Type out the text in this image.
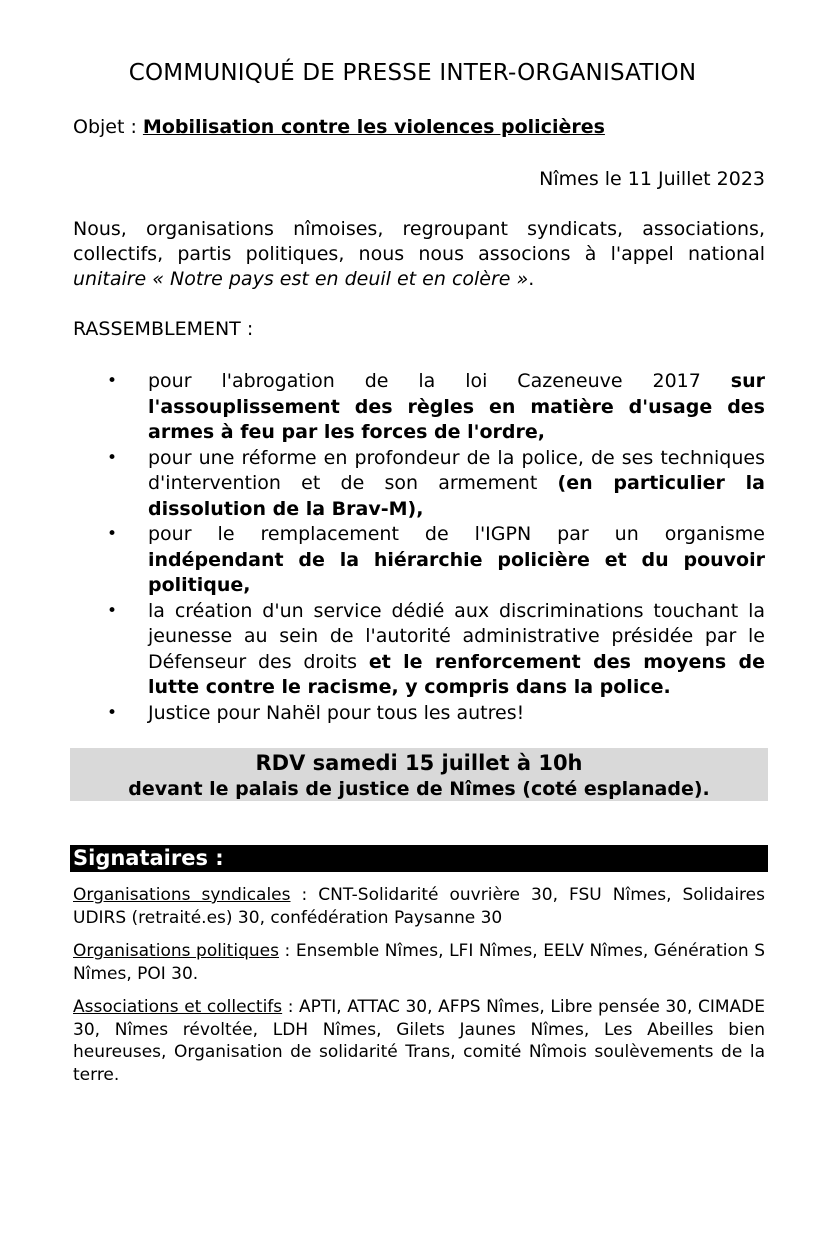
COMMUNIQUÉ DE PRESSE INTER-ORGANISATION
Objet : Mobilisation contre les violences policières
Nîmes le 11 Juillet 2023
Nous, organisations nîmoises, regroupant syndicats, associations, collectifs, partis politiques, nous nous associons à l'appel national unitaire « Notre pays est en deuil et en colère ».
RASSEMBLEMENT :
• pour l'abrogation de la loi Cazeneuve 2017 sur l'assouplissement des règles en matière d'usage des armes à feu par les forces de l'ordre,
• pour une réforme en profondeur de la police, de ses techniques d'intervention et de son armement (en particulier la dissolution de la Brav-M),
• pour le remplacement de l'IGPN par un organisme indépendant de la hiérarchie policière et du pouvoir politique,
• la création d'un service dédié aux discriminations touchant la jeunesse au sein de l'autorité administrative présidée par le Défenseur des droits et le renforcement des moyens de lutte contre le racisme, y compris dans la police.
• Justice pour Nahël pour tous les autres!
RDV samedi 15 juillet à 10h
devant le palais de justice de Nîmes (coté esplanade).
Signataires :
Organisations syndicales : CNT-Solidarité ouvrière 30, FSU Nîmes, Solidaires UDIRS (retraité.es) 30, confédération Paysanne 30
Organisations politiques : Ensemble Nîmes, LFI Nîmes, EELV Nîmes, Génération S Nîmes, POI 30.
Associations et collectifs : APTI, ATTAC 30, AFPS Nîmes, Libre pensée 30, CIMADE 30, Nîmes révoltée, LDH Nîmes, Gilets Jaunes Nîmes, Les Abeilles bien heureuses, Organisation de solidarité Trans, comité Nîmois soulèvements de la terre.
